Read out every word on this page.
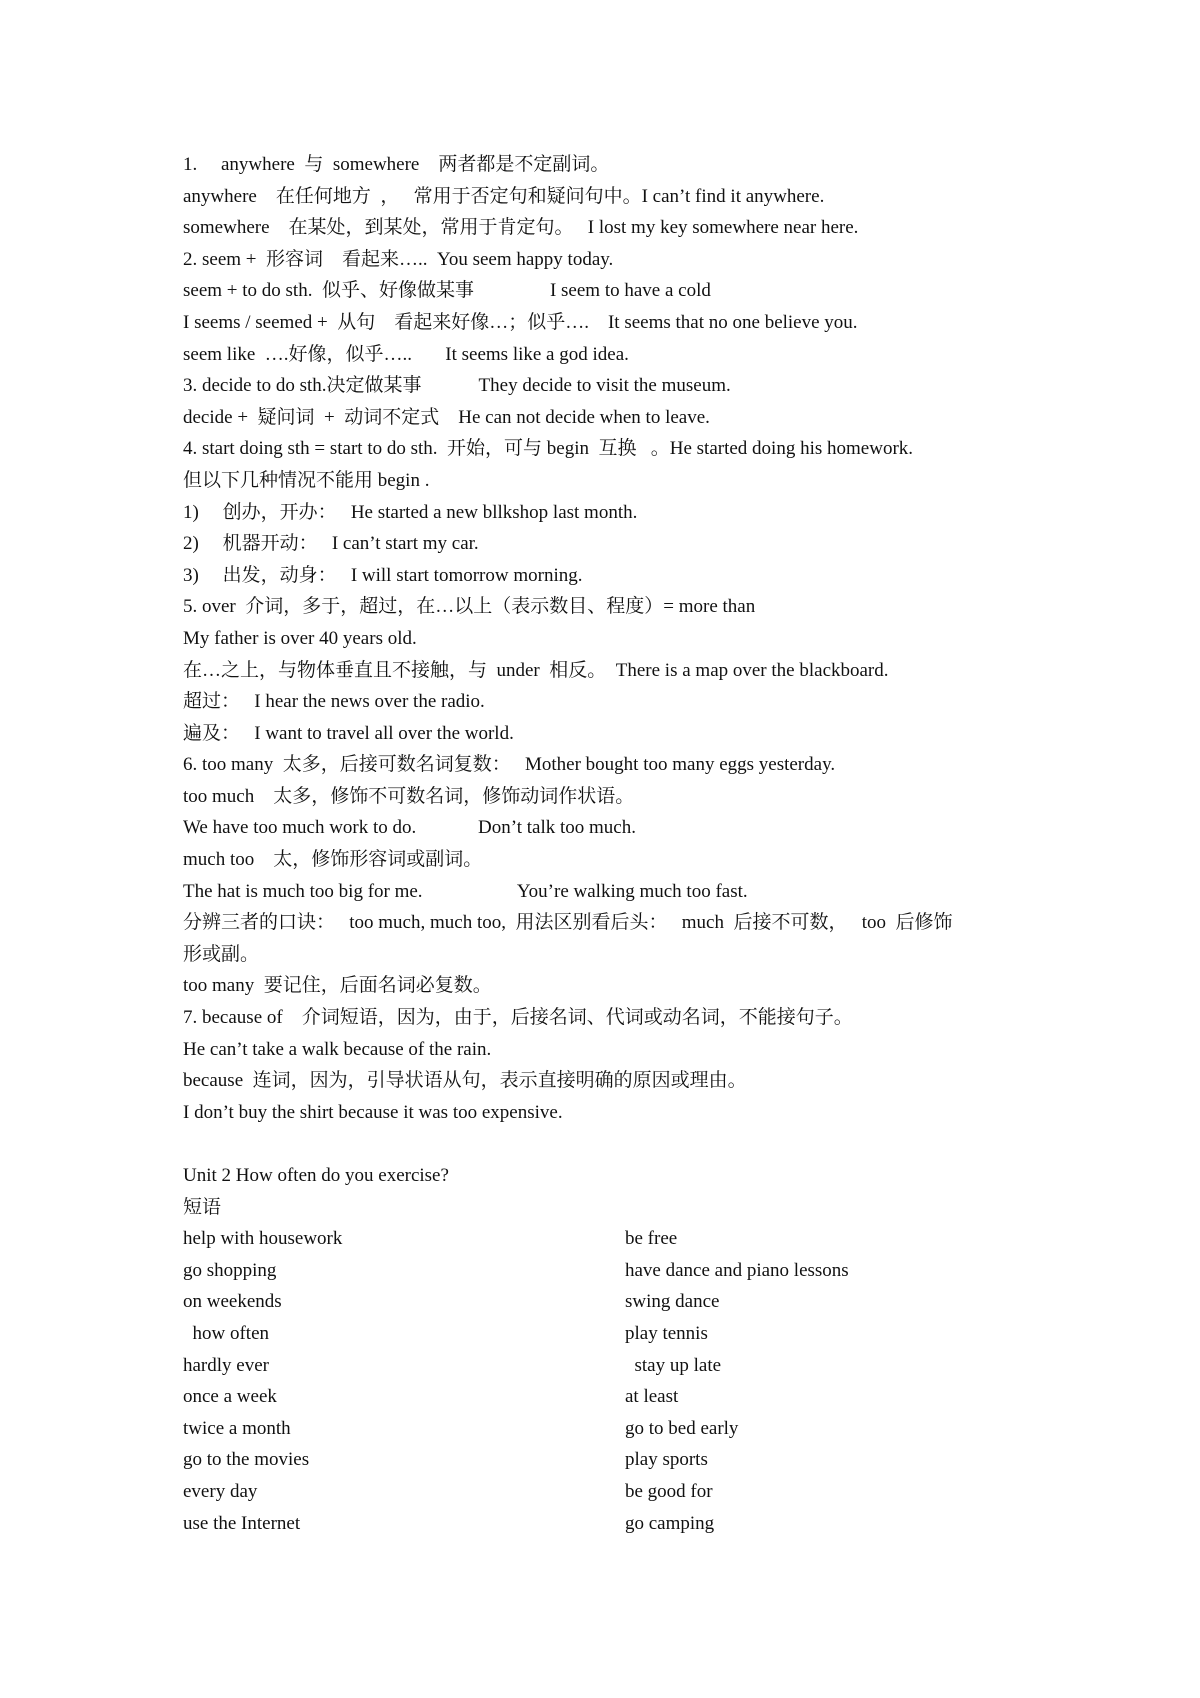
1.     anywhere  与  somewhere    两者都是不定副词。
anywhere    在任何地方  ，   常用于否定句和疑问句中。I can’t find it anywhere.
somewhere    在某处，到某处，常用于肯定句。   I lost my key somewhere near here.
2. seem +  形容词    看起来…..  You seem happy today.
seem + to do sth.  似乎、好像做某事                I seem to have a cold
I seems / seemed +  从句    看起来好像…；似乎….    It seems that no one believe you.
seem like  ….好像，似乎…..       It seems like a god idea.
3. decide to do sth.决定做某事            They decide to visit the museum.
decide +  疑问词  +  动词不定式    He can not decide when to leave.
4. start doing sth = start to do sth.  开始，可与 begin  互换   。He started doing his homework.
但以下几种情况不能用 begin .
1)     创办，开办：   He started a new bllkshop last month.
2)     机器开动：   I can’t start my car.
3)     出发，动身：   I will start tomorrow morning.
5. over  介词，多于，超过，在…以上（表示数目、程度）= more than
My father is over 40 years old.
在…之上，与物体垂直且不接触，与  under  相反。  There is a map over the blackboard.
超过：   I hear the news over the radio.
遍及：   I want to travel all over the world.
6. too many  太多，后接可数名词复数：   Mother bought too many eggs yesterday.
too much    太多，修饰不可数名词，修饰动词作状语。
We have too much work to do.             Don’t talk too much.
much too    太，修饰形容词或副词。
The hat is much too big for me.                    You’re walking much too fast.
分辨三者的口诀：   too much, much too,  用法区别看后头：   much  后接不可数，   too  后修饰
形或副。
too many  要记住，后面名词必复数。
7. because of    介词短语，因为，由于，后接名词、代词或动名词，不能接句子。
He can’t take a walk because of the rain.
because  连词，因为，引导状语从句，表示直接明确的原因或理由。
I don’t buy the shirt because it was too expensive.
Unit 2 How often do you exercise?
短语
help with housework
go shopping
on weekends
how often
hardly ever
once a week
twice a month
go to the movies
every day
use the Internet
be free
have dance and piano lessons
swing dance
play tennis
stay up late
at least
go to bed early
play sports
be good for
go camping
